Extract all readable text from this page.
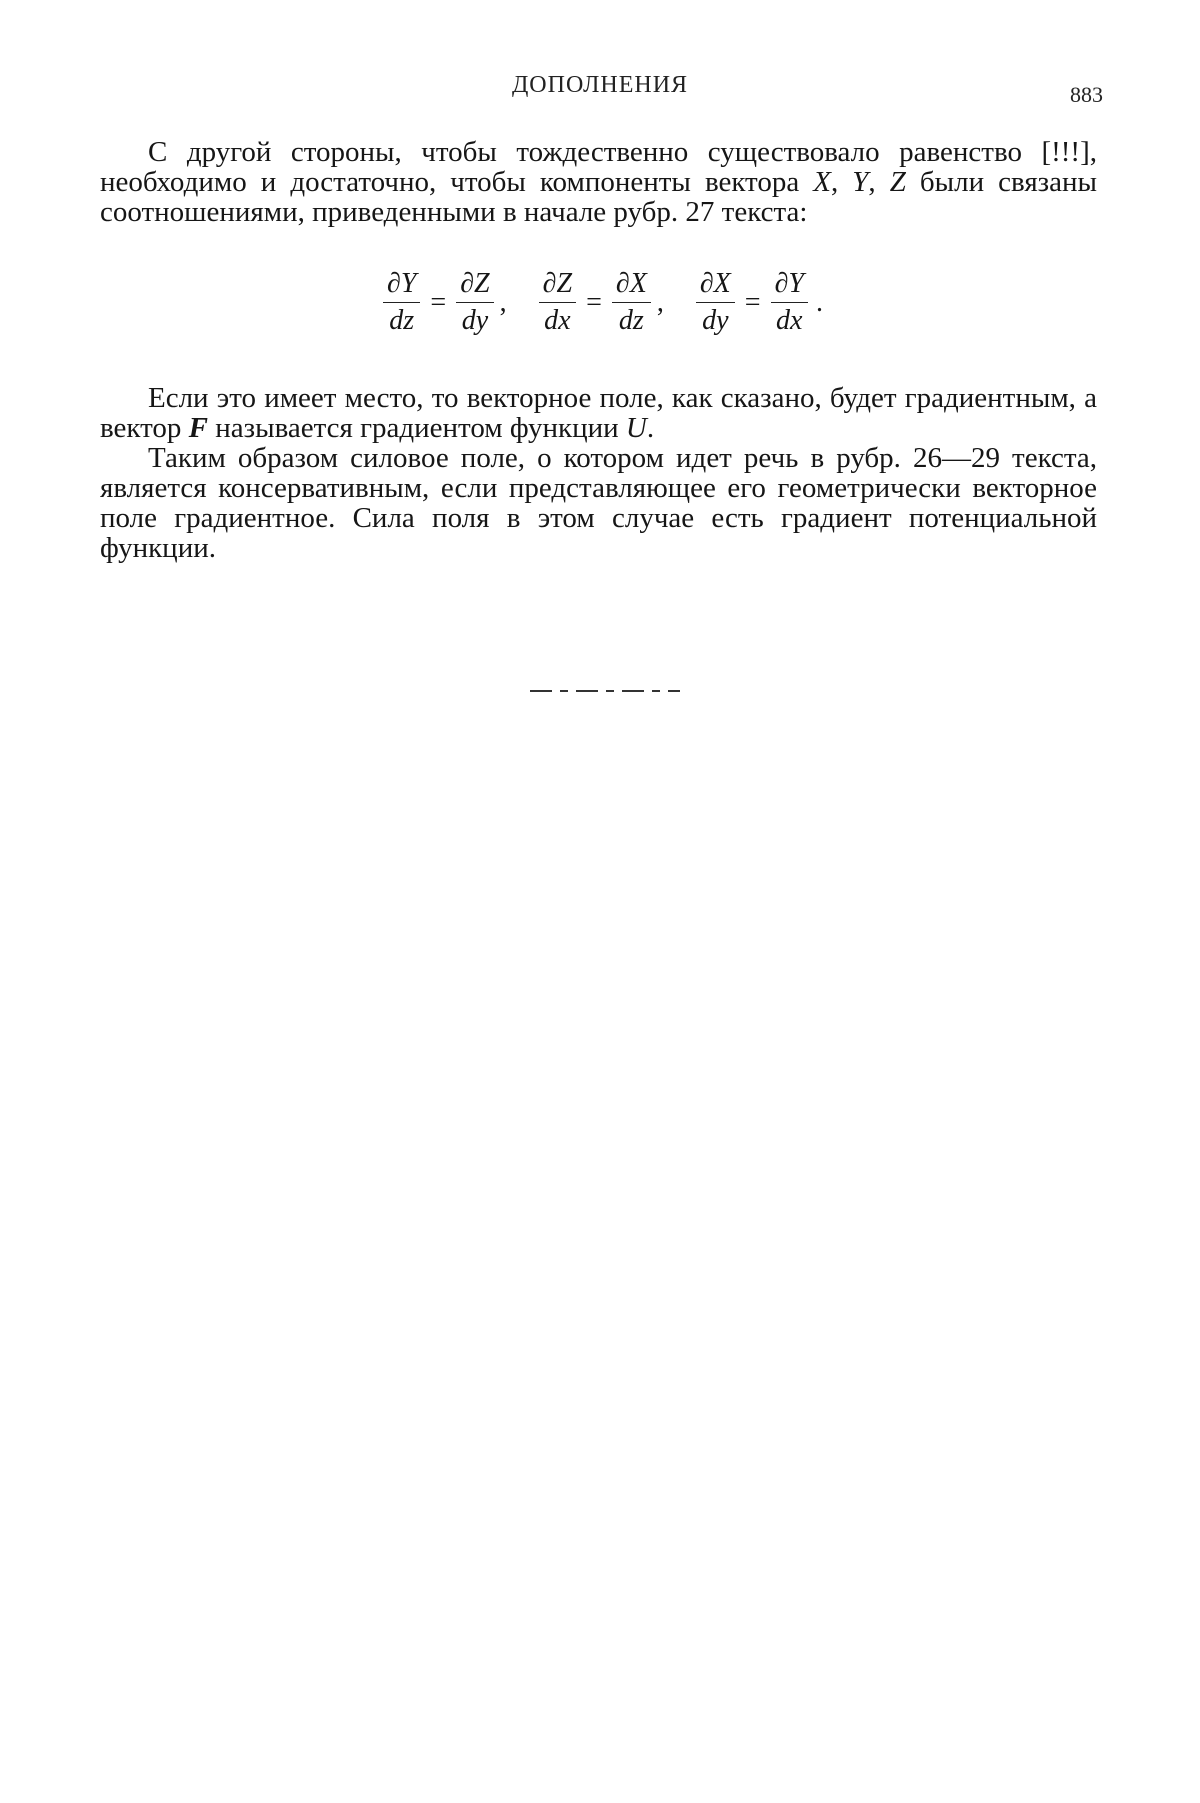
ДОПОЛНЕНИЯ	883

С другой стороны, чтобы тождественно существовало равенство [!!!], необходимо и достаточно, чтобы компоненты вектора X, Y, Z были связаны соотношениями, приведенными в начале рубр. 27 текста:

$\frac{\partial Y}{dz} = \frac{\partial Z}{dy}$ , $\frac{\partial Z}{dx} = \frac{\partial X}{dz}$ , $\frac{\partial X}{dy} = \frac{\partial Y}{dx}$ .

Если это имеет место, то векторное поле, как сказано, будет градиентным, а вектор F называется градиентом функции U.

Таким образом силовое поле, о котором идет речь в рубр. 26—29 текста, является консервативным, если представляющее его геометрически векторное поле градиентное. Сила поля в этом случае есть градиент потенциальной функции.
